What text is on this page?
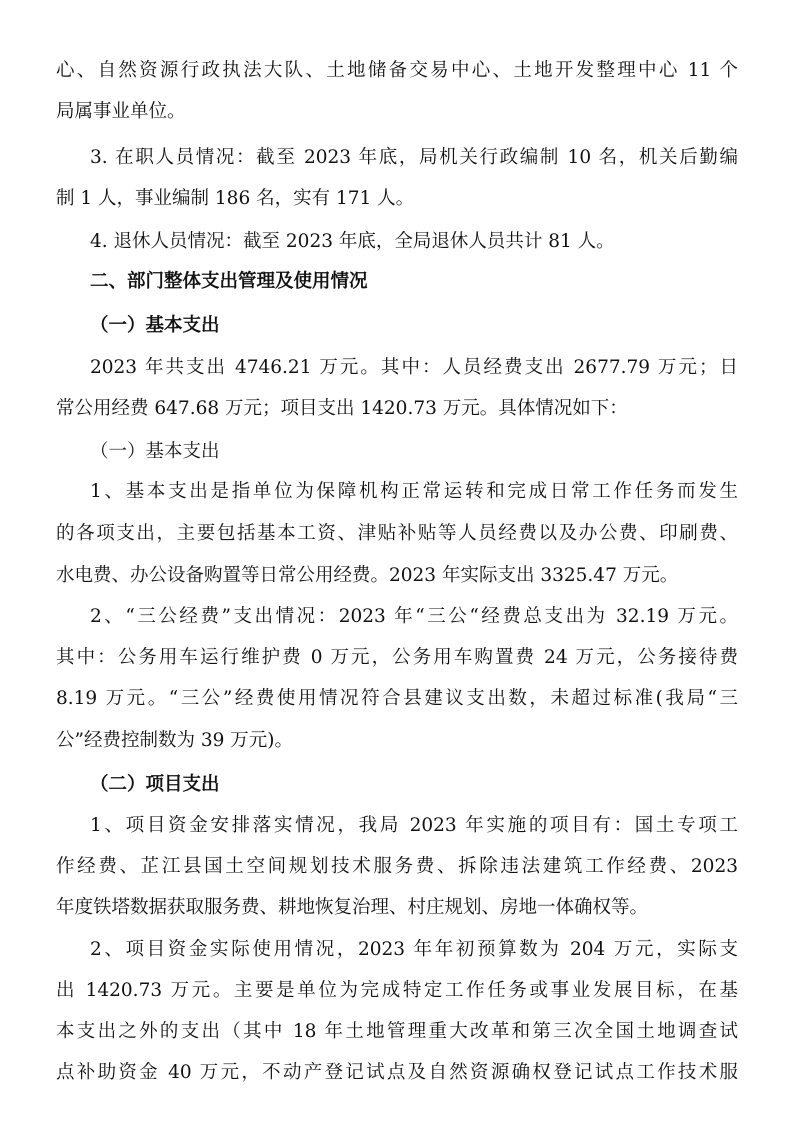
心、自然资源行政执法大队、土地储备交易中心、土地开发整理中心 11 个
局属事业单位。
3. 在职人员情况：截至 2023 年底，局机关行政编制 10 名，机关后勤编
制 1 人，事业编制 186 名，实有 171 人。
4. 退休人员情况：截至 2023 年底，全局退休人员共计 81 人。
二、部门整体支出管理及使用情况
（一）基本支出
2023 年共支出 4746.21 万元。其中：人员经费支出 2677.79 万元；日
常公用经费 647.68 万元；项目支出 1420.73 万元。具体情况如下：
（一）基本支出
1、基本支出是指单位为保障机构正常运转和完成日常工作任务而发生
的各项支出，主要包括基本工资、津贴补贴等人员经费以及办公费、印刷费、
水电费、办公设备购置等日常公用经费。2023 年实际支出 3325.47 万元。
2、“三公经费”支出情况：2023 年“三公“经费总支出为 32.19 万元。
其中：公务用车运行维护费 0 万元，公务用车购置费 24 万元，公务接待费
8.19 万元。“三公”经费使用情况符合县建议支出数，未超过标准(我局“三
公”经费控制数为 39 万元)。
（二）项目支出
1、项目资金安排落实情况，我局 2023 年实施的项目有：国土专项工
作经费、芷江县国土空间规划技术服务费、拆除违法建筑工作经费、2023
年度铁塔数据获取服务费、耕地恢复治理、村庄规划、房地一体确权等。
2、项目资金实际使用情况，2023 年年初预算数为 204 万元，实际支
出 1420.73 万元。主要是单位为完成特定工作任务或事业发展目标，在基
本支出之外的支出（其中 18 年土地管理重大改革和第三次全国土地调查试
点补助资金 40 万元，不动产登记试点及自然资源确权登记试点工作技术服
